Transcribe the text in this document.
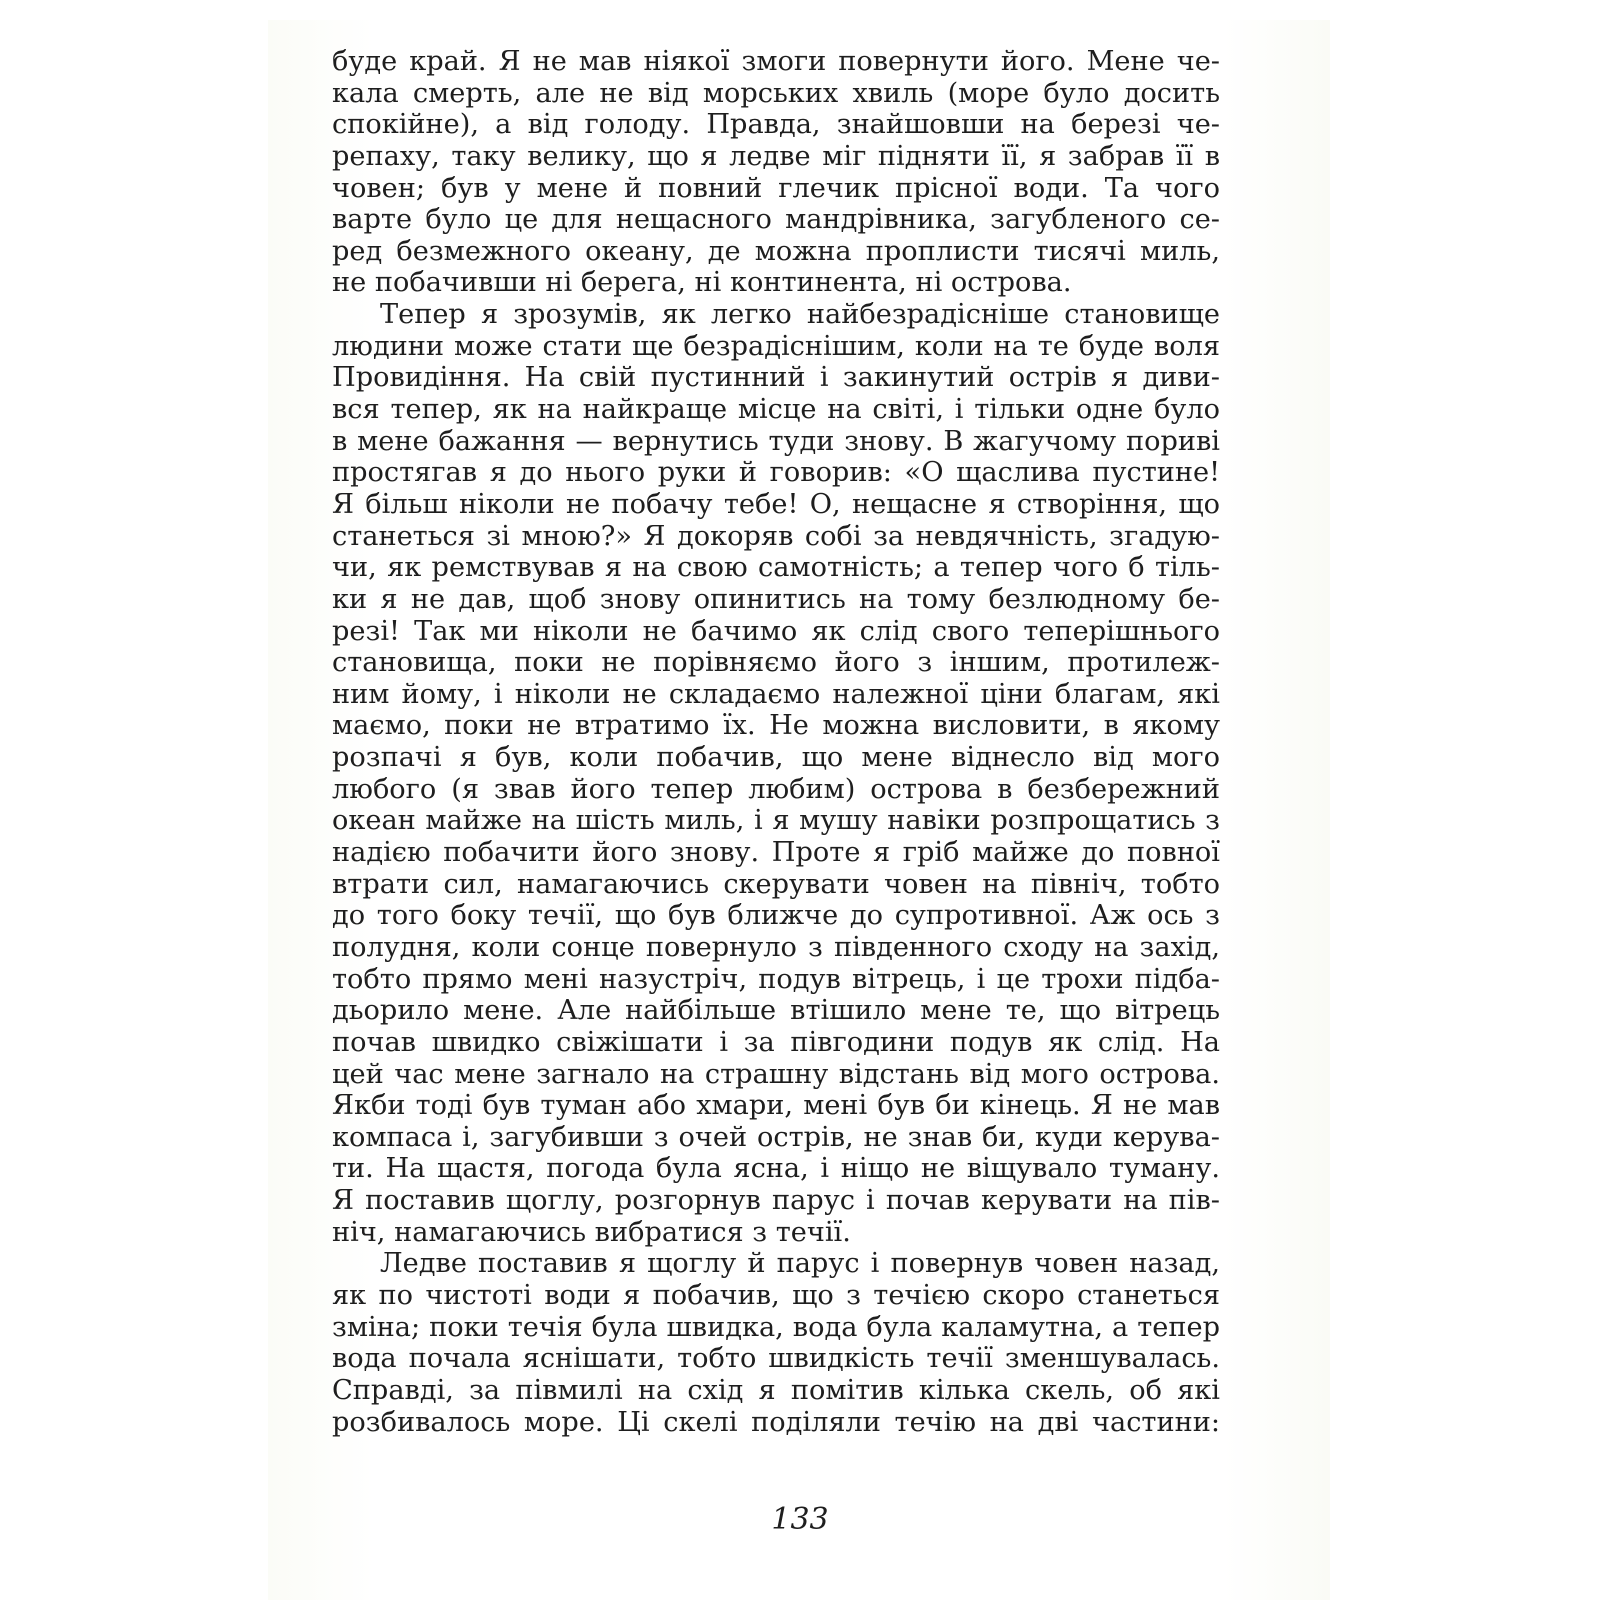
буде край. Я не мав ніякої змоги повернути його. Мене че-
кала смерть, але не від морських хвиль (море було досить
спокійне), а від голоду. Правда, знайшовши на березі че-
репаху, таку велику, що я ледве міг підняти її, я забрав її в
човен; був у мене й повний глечик прісної води. Та чого
варте було це для нещасного мандрівника, загубленого се-
ред безмежного океану, де можна проплисти тисячі миль,
не побачивши ні берега, ні континента, ні острова.
Тепер я зрозумів, як легко найбезрадісніше становище
людини може стати ще безрадіснішим, коли на те буде воля
Провидіння. На свій пустинний і закинутий острів я диви-
вся тепер, як на найкраще місце на світі, і тільки одне було
в мене бажання — вернутись туди знову. В жагучому пориві
простягав я до нього руки й говорив: «О щаслива пустине!
Я більш ніколи не побачу тебе! О, нещасне я створіння, що
станеться зі мною?» Я докоряв собі за невдячність, згадую-
чи, як ремствував я на свою самотність; а тепер чого б тіль-
ки я не дав, щоб знову опинитись на тому безлюдному бе-
резі! Так ми ніколи не бачимо як слід свого теперішнього
становища, поки не порівняємо його з іншим, протилеж-
ним йому, і ніколи не складаємо належної ціни благам, які
маємо, поки не втратимо їх. Не можна висловити, в якому
розпачі я був, коли побачив, що мене віднесло від мого
любого (я звав його тепер любим) острова в безбережний
океан майже на шість миль, і я мушу навіки розпрощатись з
надією побачити його знову. Проте я гріб майже до повної
втрати сил, намагаючись скерувати човен на північ, тобто
до того боку течії, що був ближче до супротивної. Аж ось з
полудня, коли сонце повернуло з південного сходу на захід,
тобто прямо мені назустріч, подув вітрець, і це трохи підба-
дьорило мене. Але найбільше втішило мене те, що вітрець
почав швидко свіжішати і за півгодини подув як слід. На
цей час мене загнало на страшну відстань від мого острова.
Якби тоді був туман або хмари, мені був би кінець. Я не мав
компаса і, загубивши з очей острів, не знав би, куди керува-
ти. На щастя, погода була ясна, і ніщо не віщувало туману.
Я поставив щоглу, розгорнув парус і почав керувати на пів-
ніч, намагаючись вибратися з течії.
Ледве поставив я щоглу й парус і повернув човен назад,
як по чистоті води я побачив, що з течією скоро станеться
зміна; поки течія була швидка, вода була каламутна, а тепер
вода почала яснішати, тобто швидкість течії зменшувалась.
Справді, за півмилі на схід я помітив кілька скель, об які
розбивалось море. Ці скелі поділяли течію на дві частини:
133
